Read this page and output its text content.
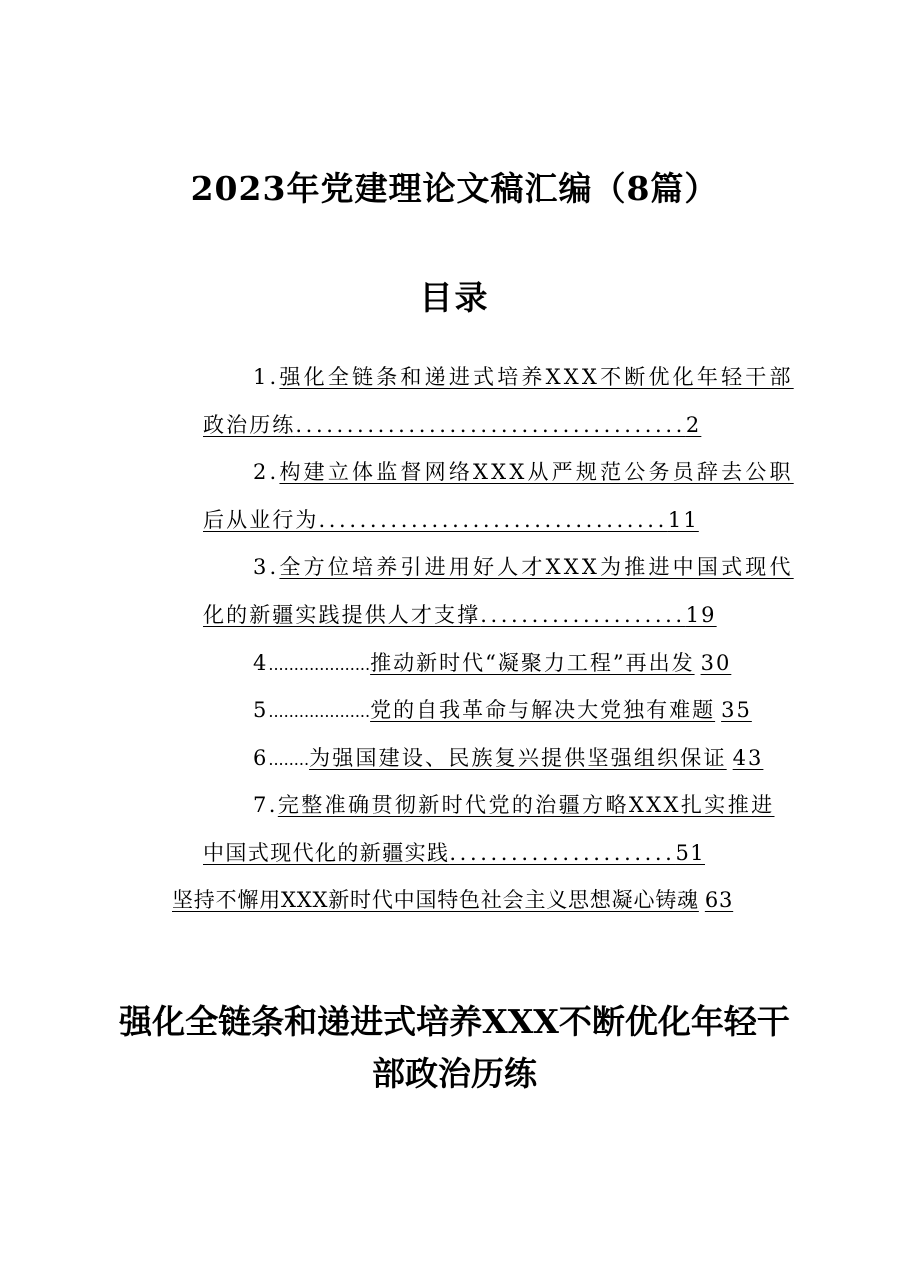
2023年党建理论文稿汇编（8篇）
目录
1.强化全链条和递进式培养XXX不断优化年轻干部
政治历练......................................2
2.构建立体监督网络XXX从严规范公务员辞去公职
后从业行为..................................11
3.全方位培养引进用好人才XXX为推进中国式现代
化的新疆实践提供人才支撑....................19
4....................推动新时代“凝聚力工程”再出发 30
5....................党的自我革命与解决大党独有难题 35
6........为强国建设、民族复兴提供坚强组织保证 43
7.完整准确贯彻新时代党的治疆方略XXX扎实推进
中国式现代化的新疆实践......................51
坚持不懈用XXX新时代中国特色社会主义思想凝心铸魂 63
强化全链条和递进式培养XXX不断优化年轻干
部政治历练
